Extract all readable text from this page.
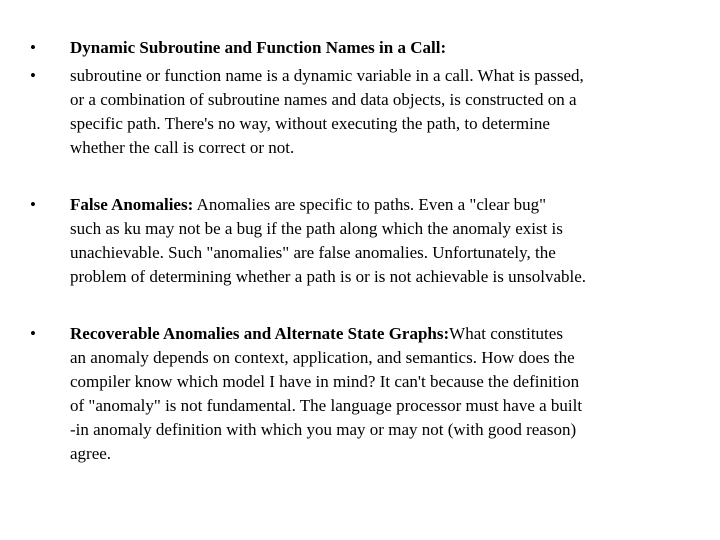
•	Dynamic Subroutine and Function Names in a Call:
•	subroutine or function name is a dynamic variable in a call. What is passed,
or a combination of subroutine names and data objects, is constructed on a
specific path. There's no way, without executing the path, to determine
whether the call is correct or not.
•	False Anomalies: Anomalies are specific to paths. Even a "clear bug"
such as ku may not be a bug if the path along which the anomaly exist is
unachievable. Such "anomalies" are false anomalies. Unfortunately, the
problem of determining whether a path is or is not achievable is unsolvable.
•	Recoverable Anomalies and Alternate State Graphs:What constitutes
an anomaly depends on context, application, and semantics. How does the
compiler know which model I have in mind? It can't because the definition
of "anomaly" is not fundamental. The language processor must have a built
-in anomaly definition with which you may or may not (with good reason)
agree.
